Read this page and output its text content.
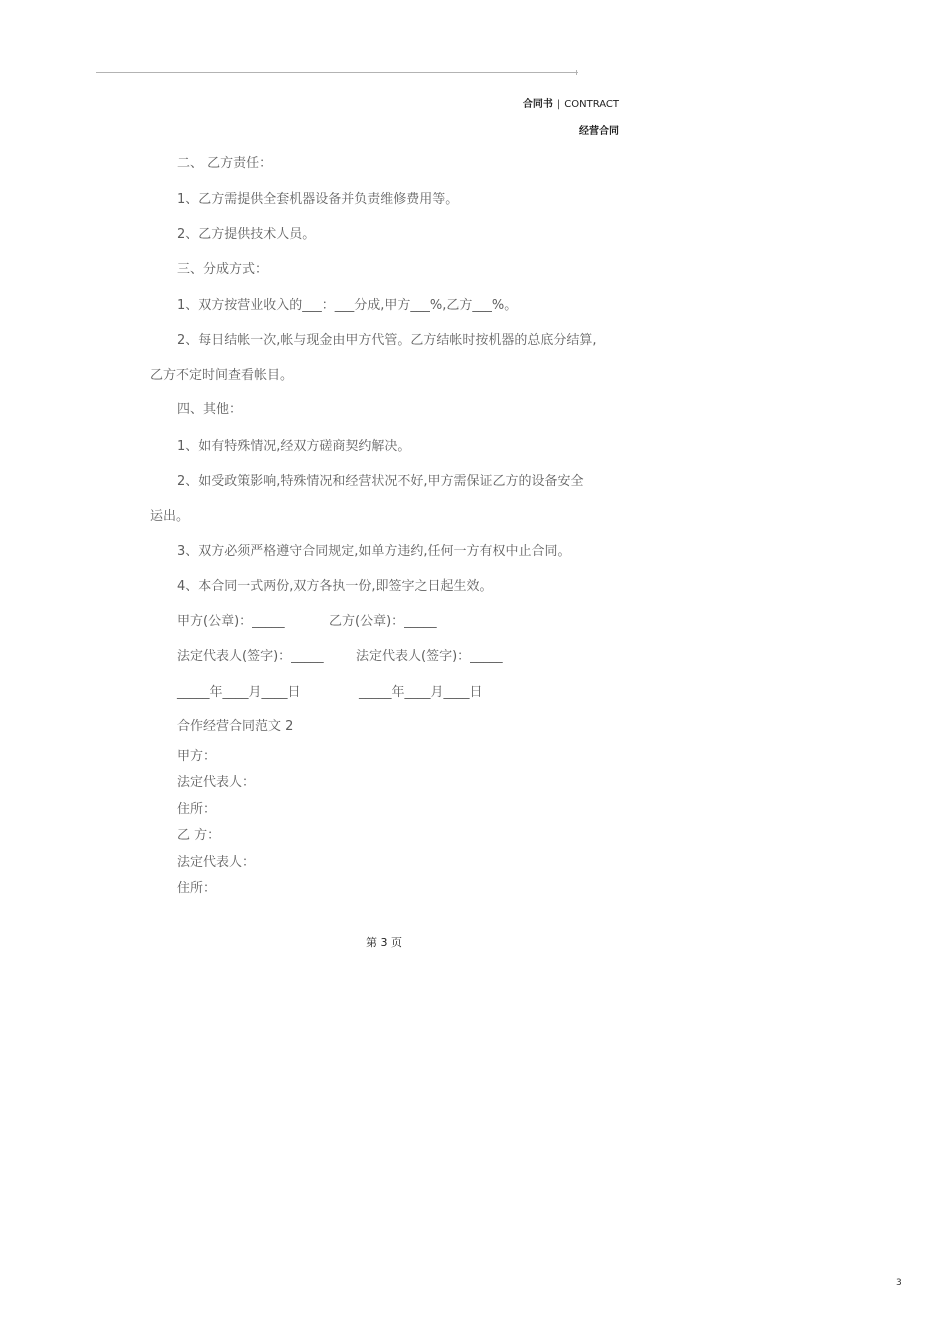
合同书 | CONTRACT
经营合同
二、 乙方责任：
1、乙方需提供全套机器设备并负责维修费用等。
2、乙方提供技术人员。
三、分成方式：
1、双方按营业收入的___：___分成,甲方___%,乙方___%。
2、每日结帐一次,帐与现金由甲方代管。乙方结帐时按机器的总底分结算,
乙方不定时间查看帐目。
四、其他：
1、如有特殊情况,经双方磋商契约解决。
2、如受政策影响,特殊情况和经营状况不好,甲方需保证乙方的设备安全
运出。
3、双方必须严格遵守合同规定,如单方违约,任何一方有权中止合同。
4、本合同一式两份,双方各执一份,即签字之日起生效。
甲方(公章)：_____	乙方(公章)：_____
法定代表人(签字)：_____ 法定代表人(签字)：_____
_____年____月____日	_____年____月____日
合作经营合同范文 2
甲方：
法定代表人：
住所：
乙 方：
法定代表人：
住所：
第 3 页
3
